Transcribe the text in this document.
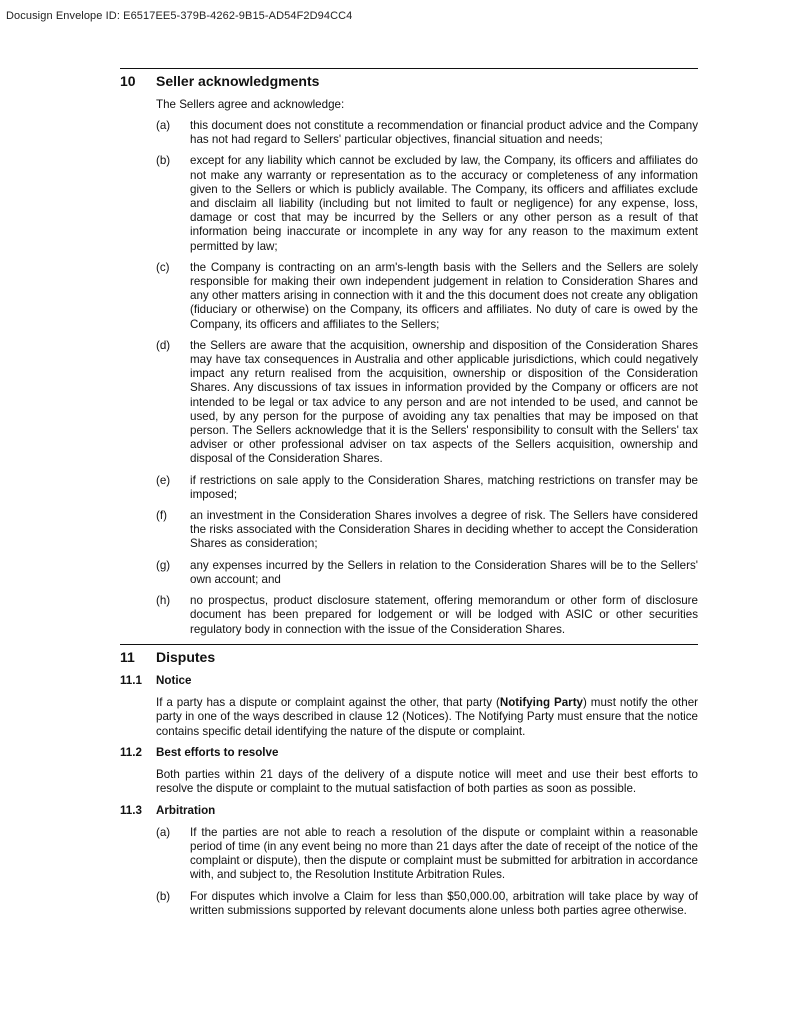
Docusign Envelope ID: E6517EE5-379B-4262-9B15-AD54F2D94CC4
10	Seller acknowledgments
The Sellers agree and acknowledge:
(a)	this document does not constitute a recommendation or financial product advice and the Company has not had regard to Sellers' particular objectives, financial situation and needs;
(b)	except for any liability which cannot be excluded by law, the Company, its officers and affiliates do not make any warranty or representation as to the accuracy or completeness of any information given to the Sellers or which is publicly available. The Company, its officers and affiliates exclude and disclaim all liability (including but not limited to fault or negligence) for any expense, loss, damage or cost that may be incurred by the Sellers or any other person as a result of that information being inaccurate or incomplete in any way for any reason to the maximum extent permitted by law;
(c)	the Company is contracting on an arm's-length basis with the Sellers and the Sellers are solely responsible for making their own independent judgement in relation to Consideration Shares and any other matters arising in connection with it and the this document does not create any obligation (fiduciary or otherwise) on the Company, its officers and affiliates. No duty of care is owed by the Company, its officers and affiliates to the Sellers;
(d)	the Sellers are aware that the acquisition, ownership and disposition of the Consideration Shares may have tax consequences in Australia and other applicable jurisdictions, which could negatively impact any return realised from the acquisition, ownership or disposition of the Consideration Shares. Any discussions of tax issues in information provided by the Company or officers are not intended to be legal or tax advice to any person and are not intended to be used, and cannot be used, by any person for the purpose of avoiding any tax penalties that may be imposed on that person. The Sellers acknowledge that it is the Sellers' responsibility to consult with the Sellers' tax adviser or other professional adviser on tax aspects of the Sellers acquisition, ownership and disposal of the Consideration Shares.
(e)	if restrictions on sale apply to the Consideration Shares, matching restrictions on transfer may be imposed;
(f)	an investment in the Consideration Shares involves a degree of risk. The Sellers have considered the risks associated with the Consideration Shares in deciding whether to accept the Consideration Shares as consideration;
(g)	any expenses incurred by the Sellers in relation to the Consideration Shares will be to the Sellers' own account; and
(h)	no prospectus, product disclosure statement, offering memorandum or other form of disclosure document has been prepared for lodgement or will be lodged with ASIC or other securities regulatory body in connection with the issue of the Consideration Shares.
11	Disputes
11.1	Notice
If a party has a dispute or complaint against the other, that party (Notifying Party) must notify the other party in one of the ways described in clause 12 (Notices). The Notifying Party must ensure that the notice contains specific detail identifying the nature of the dispute or complaint.
11.2	Best efforts to resolve
Both parties within 21 days of the delivery of a dispute notice will meet and use their best efforts to resolve the dispute or complaint to the mutual satisfaction of both parties as soon as possible.
11.3	Arbitration
(a)	If the parties are not able to reach a resolution of the dispute or complaint within a reasonable period of time (in any event being no more than 21 days after the date of receipt of the notice of the complaint or dispute), then the dispute or complaint must be submitted for arbitration in accordance with, and subject to, the Resolution Institute Arbitration Rules.
(b)	For disputes which involve a Claim for less than $50,000.00, arbitration will take place by way of written submissions supported by relevant documents alone unless both parties agree otherwise.
